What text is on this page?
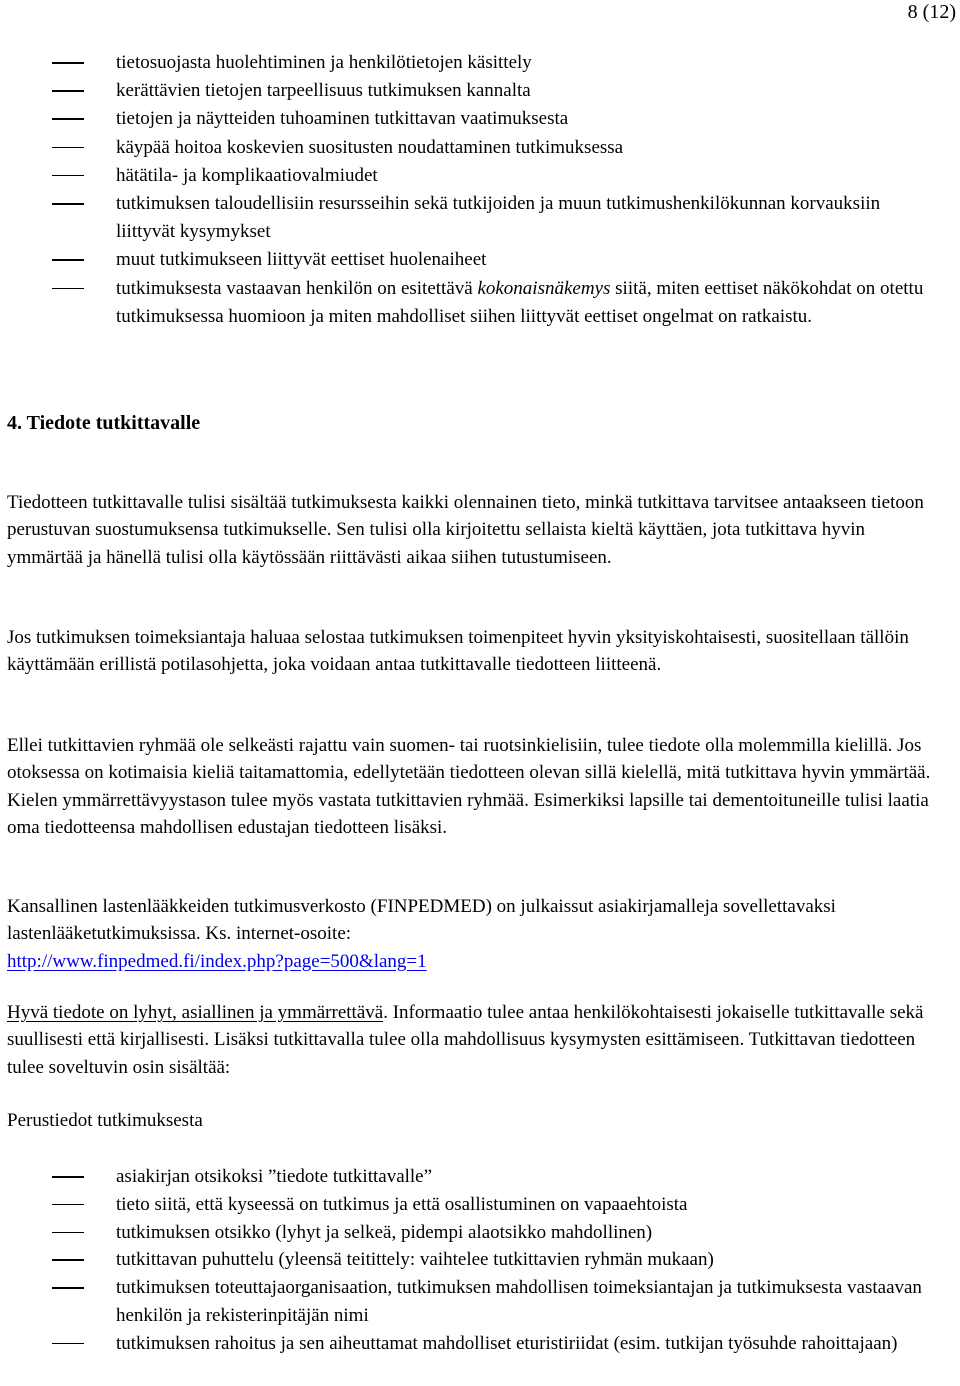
8 (12)
tietosuojasta huolehtiminen ja henkilötietojen käsittely
kerättävien tietojen tarpeellisuus tutkimuksen kannalta
tietojen ja näytteiden tuhoaminen tutkittavan vaatimuksesta
käypää hoitoa koskevien suositusten noudattaminen tutkimuksessa
hätätila- ja komplikaatiovalmiudet
tutkimuksen taloudellisiin resursseihin sekä tutkijoiden ja muun tutkimushenkilökunnan korvauksiin liittyvät kysymykset
muut tutkimukseen liittyvät eettiset huolenaiheet
tutkimuksesta vastaavan henkilön on esitettävä kokonaisnäkemys siitä, miten eettiset näkökohdat on otettu tutkimuksessa huomioon ja miten mahdolliset siihen liittyvät eettiset ongelmat on ratkaistu.
4. Tiedote tutkittavalle

Tiedotteen tutkittavalle tulisi sisältää tutkimuksesta kaikki olennainen tieto, minkä tutkittava tarvitsee antaakseen tietoon perustuvan suostumuksensa tutkimukselle. Sen tulisi olla kirjoitettu sellaista kieltä käyttäen, jota tutkittava hyvin ymmärtää ja hänellä tulisi olla käytössään riittävästi aikaa siihen tutustumiseen.

Jos tutkimuksen toimeksiantaja haluaa selostaa tutkimuksen toimenpiteet hyvin yksityiskohtaisesti, suositellaan tällöin käyttämään erillistä potilasohjetta, joka voidaan antaa tutkittavalle tiedotteen liitteenä.

Ellei tutkittavien ryhmää ole selkeästi rajattu vain suomen- tai ruotsinkielisiin, tulee tiedote olla molemmilla kielillä. Jos otoksessa on kotimaisia kieliä taitamattomia, edellytetään tiedotteen olevan sillä kielellä, mitä tutkittava hyvin ymmärtää. Kielen ymmärrettävyystason tulee myös vastata tutkittavien ryhmää. Esimerkiksi lapsille tai dementoituneille tulisi laatia oma tiedotteensa mahdollisen edustajan tiedotteen lisäksi.

Kansallinen lastenlääkkeiden tutkimusverkosto (FINPEDMED) on julkaissut asiakirjamalleja sovellettavaksi lastenlääketutkimuksissa. Ks. internet-osoite:
http://www.finpedmed.fi/index.php?page=500&lang=1

Hyvä tiedote on lyhyt, asiallinen ja ymmärrettävä. Informaatio tulee antaa henkilökohtaisesti jokaiselle tutkittavalle sekä suullisesti että kirjallisesti. Lisäksi tutkittavalla tulee olla mahdollisuus kysymysten esittämiseen. Tutkittavan tiedotteen tulee soveltuvin osin sisältää:

Perustiedot tutkimuksesta

asiakirjan otsikoksi ”tiedote tutkittavalle”
tieto siitä, että kyseessä on tutkimus ja että osallistuminen on vapaaehtoista
tutkimuksen otsikko (lyhyt ja selkeä, pidempi alaotsikko mahdollinen)
tutkittavan puhuttelu (yleensä teitittely: vaihtelee tutkittavien ryhmän mukaan)
tutkimuksen toteuttajaorganisaation, tutkimuksen mahdollisen toimeksiantajan ja tutkimuksesta vastaavan henkilön ja rekisterinpitäjän nimi
tutkimuksen rahoitus ja sen aiheuttamat mahdolliset eturistiriidat (esim. tutkijan työsuhde rahoittajaan)
